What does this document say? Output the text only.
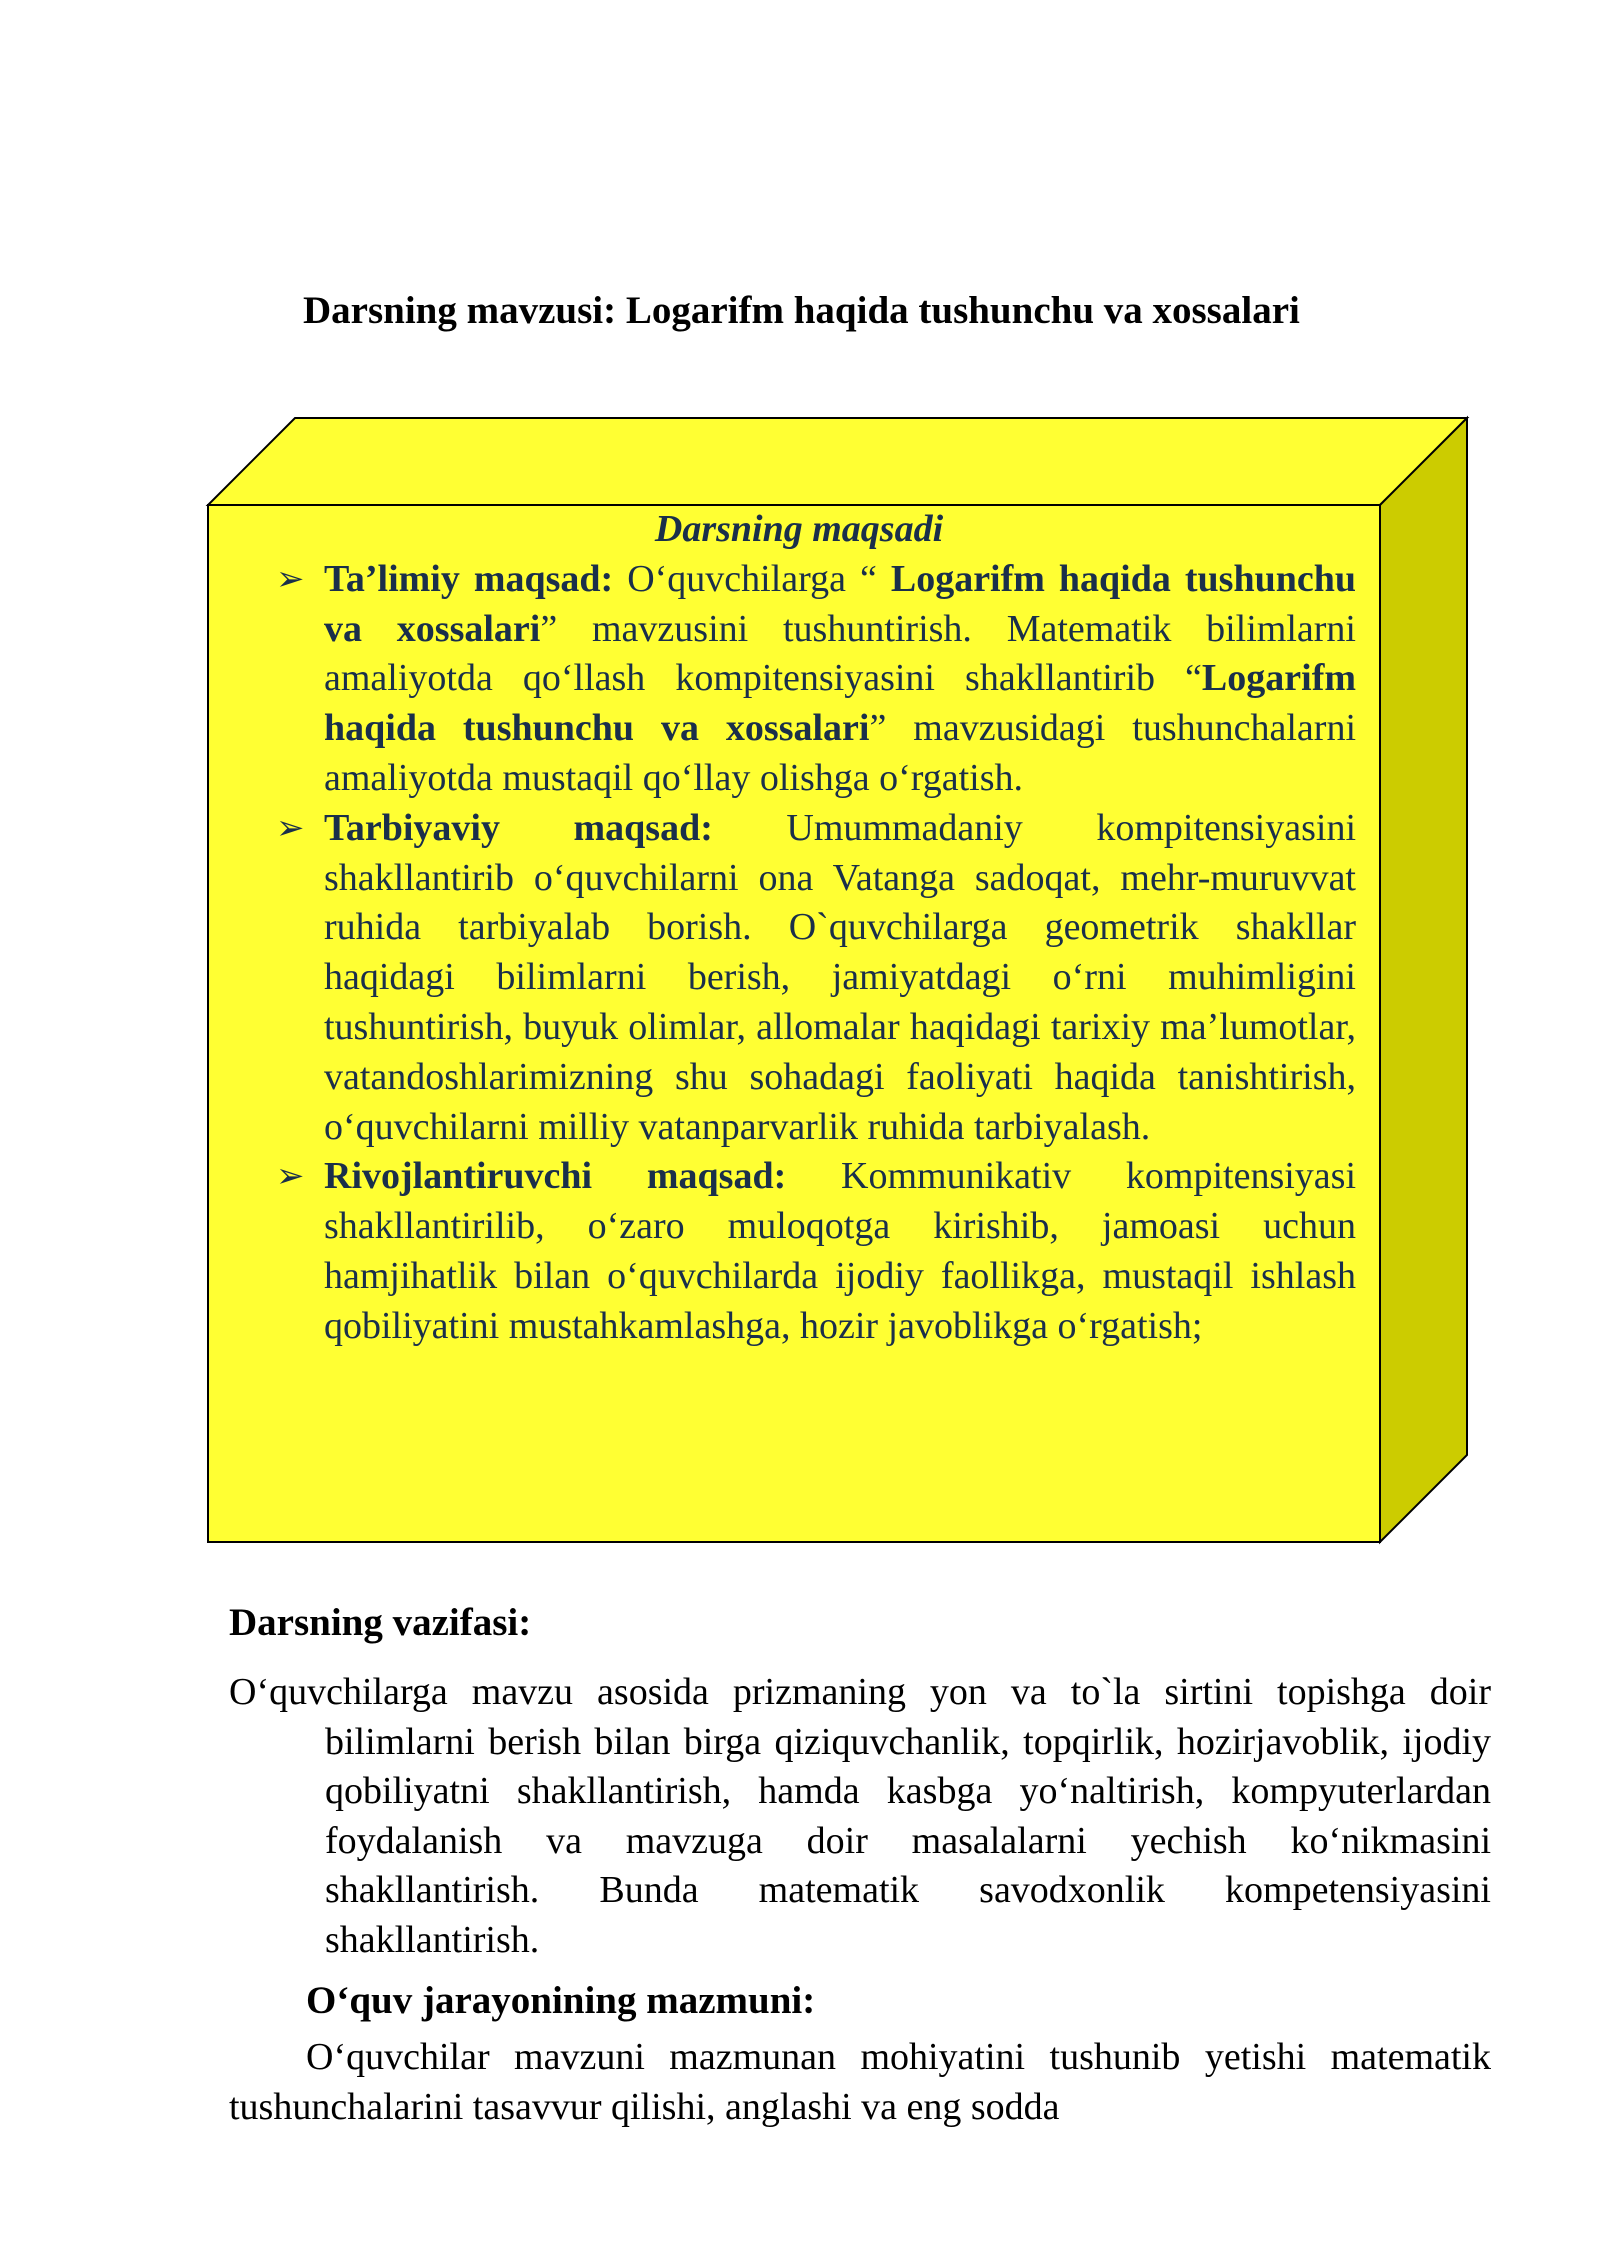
Darsning mavzusi: Logarifm haqida tushunchu va xossalari
Darsning maqsadi
➢ Ta’limiy maqsad: O‘quvchilarga “ Logarifm haqida tushunchu va xossalari” mavzusini tushuntirish. Matematik bilimlarni amaliyotda qo‘llash kompitensiyasini shakllantirib “Logarifm haqida tushunchu va xossalari” mavzusidagi tushunchalarni amaliyotda mustaqil qo‘llay olishga o‘rgatish.
➢ Tarbiyaviy maqsad: Umummadaniy kompitensiyasini shakllantirib o‘quvchilarni ona Vatanga sadoqat, mehr-muruvvat ruhida tarbiyalab borish. O`quvchilarga geometrik shakllar haqidagi bilimlarni berish, jamiyatdagi o‘rni muhimligini tushuntirish, buyuk olimlar, allomalar haqidagi tarixiy ma’lumotlar, vatandoshlarimizning shu sohadagi faoliyati haqida tanishtirish, o‘quvchilarni milliy vatanparvarlik ruhida tarbiyalash.
➢ Rivojlantiruvchi maqsad: Kommunikativ kompitensiyasi shakllantirilib, o‘zaro muloqotga kirishib, jamoasi uchun hamjihatlik bilan o‘quvchilarda ijodiy faollikga, mustaqil ishlash qobiliyatini mustahkamlashga, hozir javoblikga o‘rgatish;
Darsning vazifasi:
O‘quvchilarga mavzu asosida prizmaning yon va to`la sirtini topishga doir bilimlarni berish bilan birga qiziquvchanlik, topqirlik, hozirjavoblik, ijodiy qobiliyatni shakllantirish, hamda kasbga yo‘naltirish, kompyuterlardan foydalanish va mavzuga doir masalalarni yechish ko‘nikmasini shakllantirish. Bunda matematik savodxonlik kompetensiyasini shakllantirish.
O‘quv jarayonining mazmuni:
O‘quvchilar mavzuni mazmunan mohiyatini tushunib yetishi matematik tushunchalarini tasavvur qilishi, anglashi va eng sodda
